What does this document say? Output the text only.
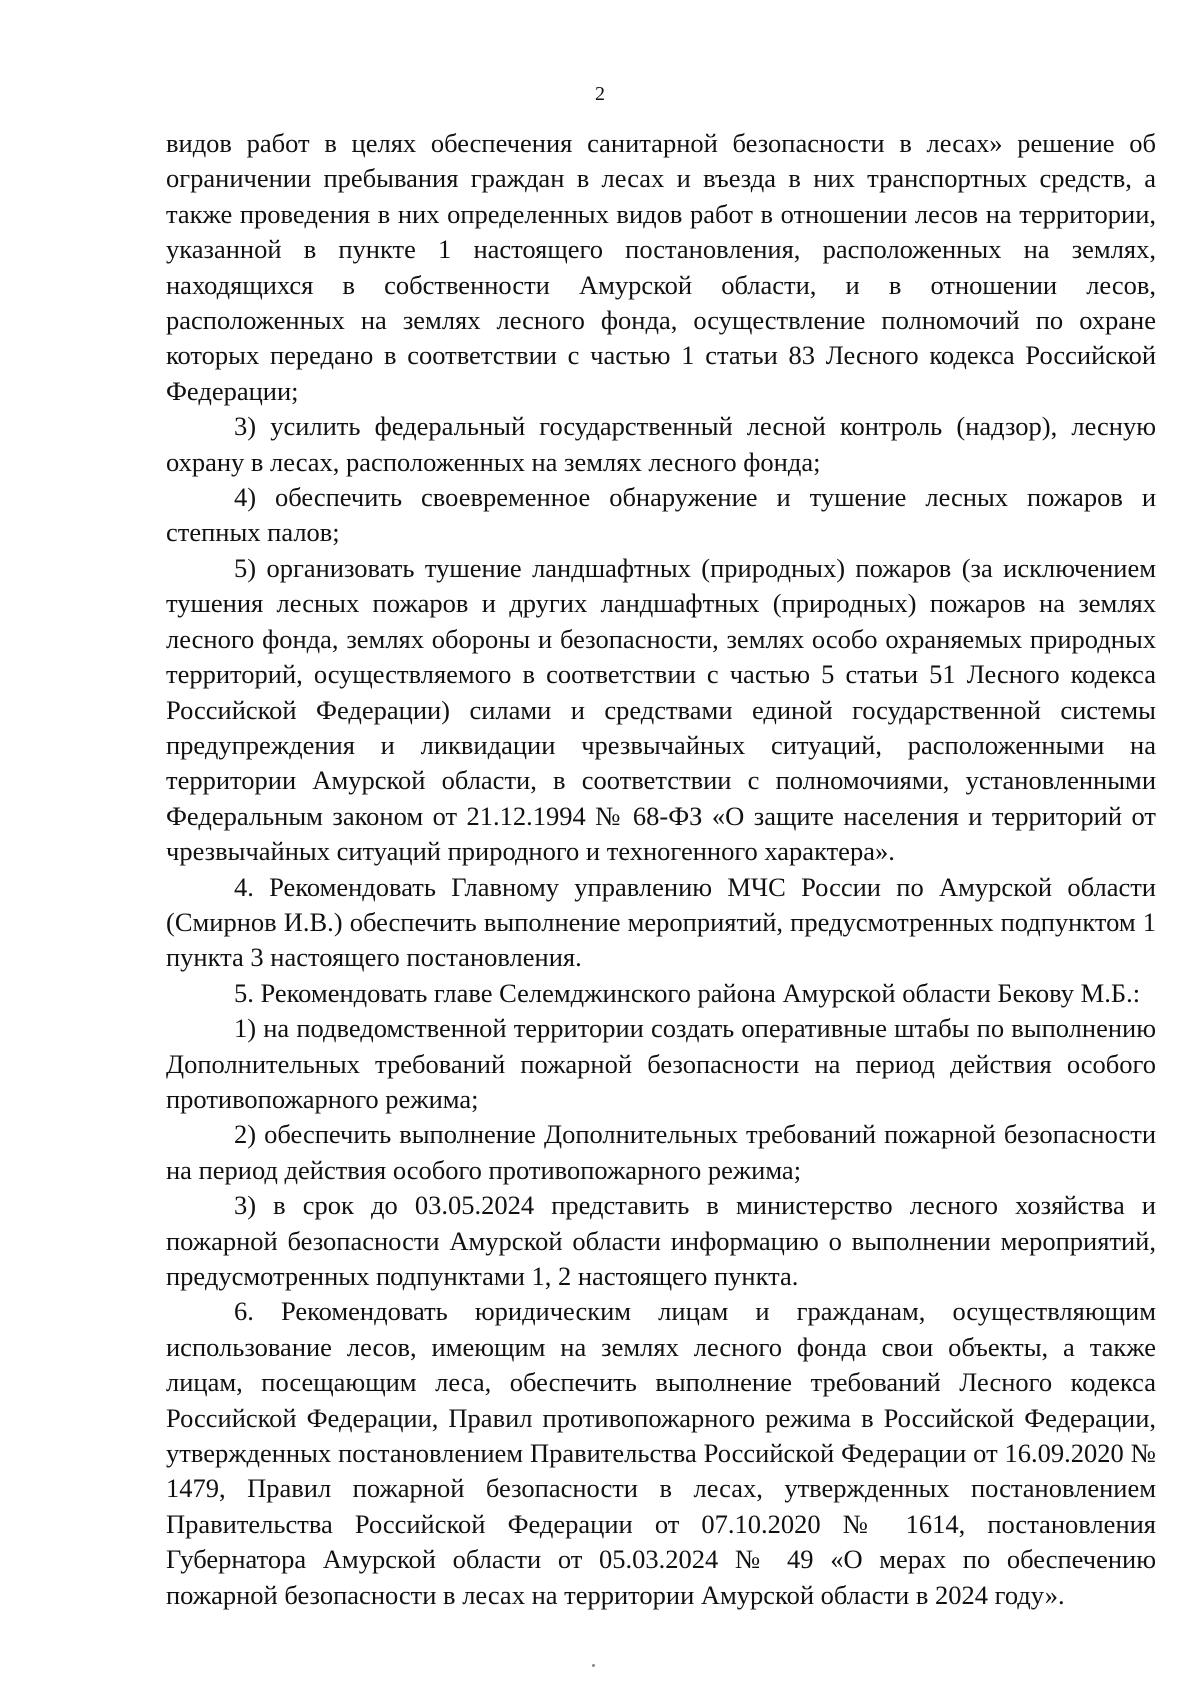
2

видов работ в целях обеспечения санитарной безопасности в лесах» решение об ограничении пребывания граждан в лесах и въезда в них транспортных средств, а также проведения в них определенных видов работ в отношении лесов на территории, указанной в пункте 1 настоящего постановления, расположенных на землях, находящихся в собственности Амурской области, и в отношении лесов, расположенных на землях лесного фонда, осуществление полномочий по охране которых передано в соответствии с частью 1 статьи 83 Лесного кодекса Российской Федерации;

3) усилить федеральный государственный лесной контроль (надзор), лесную охрану в лесах, расположенных на землях лесного фонда;

4) обеспечить своевременное обнаружение и тушение лесных пожаров и степных палов;

5) организовать тушение ландшафтных (природных) пожаров (за исключением тушения лесных пожаров и других ландшафтных (природных) пожаров на землях лесного фонда, землях обороны и безопасности, землях особо охраняемых природных территорий, осуществляемого в соответствии с частью 5 статьи 51 Лесного кодекса Российской Федерации) силами и средствами единой государственной системы предупреждения и ликвидации чрезвычайных ситуаций, расположенными на территории Амурской области, в соответствии с полномочиями, установленными Федеральным законом от 21.12.1994 № 68-ФЗ «О защите населения и территорий от чрезвычайных ситуаций природного и техногенного характера».

4. Рекомендовать Главному управлению МЧС России по Амурской области (Смирнов И.В.) обеспечить выполнение мероприятий, предусмотренных подпунктом 1 пункта 3 настоящего постановления.

5. Рекомендовать главе Селемджинского района Амурской области Бекову М.Б.:

1) на подведомственной территории создать оперативные штабы по выполнению Дополнительных требований пожарной безопасности на период действия особого противопожарного режима;

2) обеспечить выполнение Дополнительных требований пожарной безопасности на период действия особого противопожарного режима;

3) в срок до 03.05.2024 представить в министерство лесного хозяйства и пожарной безопасности Амурской области информацию о выполнении мероприятий, предусмотренных подпунктами 1, 2 настоящего пункта.

6. Рекомендовать юридическим лицам и гражданам, осуществляющим использование лесов, имеющим на землях лесного фонда свои объекты, а также лицам, посещающим леса, обеспечить выполнение требований Лесного кодекса Российской Федерации, Правил противопожарного режима в Российской Федерации, утвержденных постановлением Правительства Российской Федерации от 16.09.2020 № 1479, Правил пожарной безопасности в лесах, утвержденных постановлением Правительства Российской Федерации от 07.10.2020 № 1614, постановления Губернатора Амурской области от 05.03.2024 № 49 «О мерах по обеспечению пожарной безопасности в лесах на территории Амурской области в 2024 году».
